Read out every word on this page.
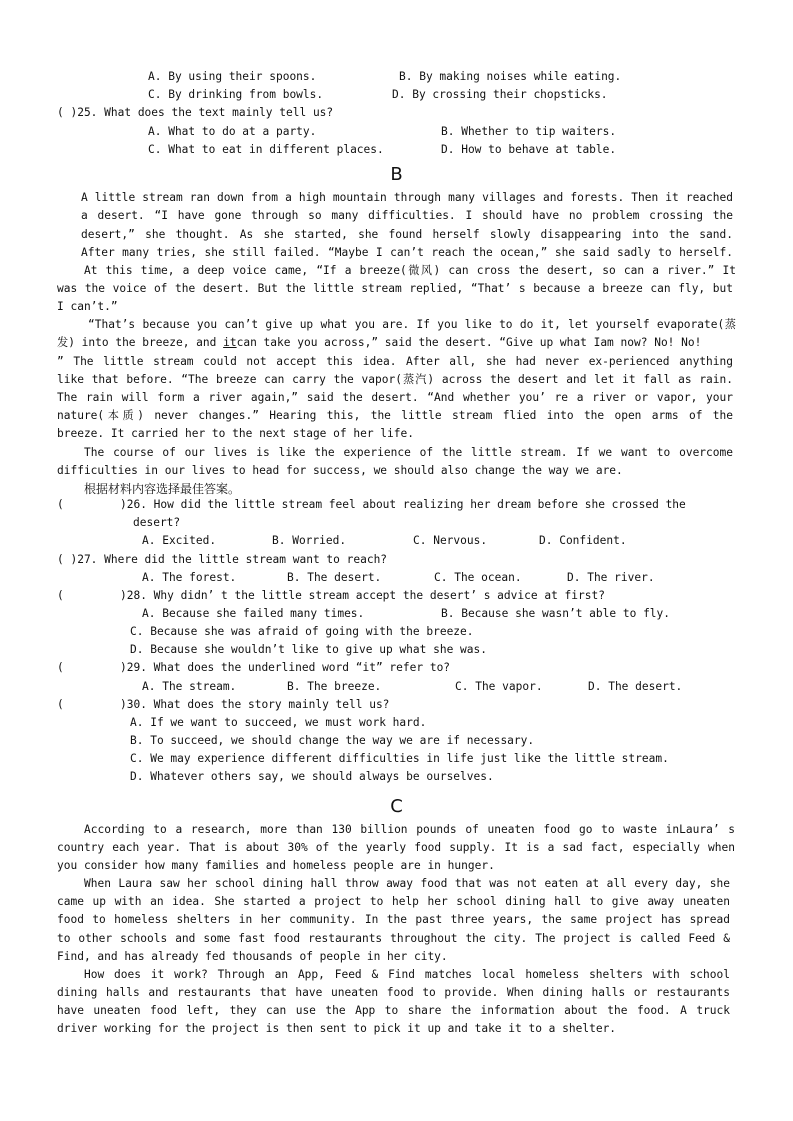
A. By using their spoons.	B. By making noises while eating.
C. By drinking from bowls.	D. By crossing their chopsticks.
( )25. What does the text mainly tell us?
A. What to do at a party.	B. Whether to tip waiters.
C. What to eat in different places.	D. How to behave at table.
B
A little stream ran down from a high mountain through many villages and forests. Then it reached
a desert. “I have gone through so many difficulties. I should have no problem crossing the
desert,” she thought. As she started, she found herself slowly disappearing into the sand.
After many tries, she still failed. “Maybe I can’t reach the ocean,” she said sadly to herself.
At this time, a deep voice came, “If a breeze(微风) can cross the desert, so can a river.” It
was the voice of the desert. But the little stream replied, “That’ s because a breeze can fly, but
I can’t.”
“That’s because you can’t give up what you are. If you like to do it, let yourself evaporate(蒸
发) into the breeze, and itcan take you across,” said the desert. “Give up what Iam now? No! No!
” The little stream could not accept this idea. After all, she had never ex-perienced anything
like that before. “The breeze can carry the vapor(蒸汽) across the desert and let it fall as rain.
The rain will form a river again,” said the desert. “And whether you’ re a river or vapor, your
nature(本质) never changes.” Hearing this, the little stream flied into the open arms of the
breeze. It carried her to the next stage of her life.
The course of our lives is like the experience of the little stream. If we want to overcome
difficulties in our lives to head for success, we should also change the way we are.
根据材料内容选择最佳答案。
(	)26. How did the little stream feel about realizing her dream before she crossed the
desert?
A. Excited.	B. Worried.	C. Nervous.	D. Confident.
( )27. Where did the little stream want to reach?
A. The forest.	B. The desert.	C. The ocean.	D. The river.
(	)28. Why didn’ t the little stream accept the desert’ s advice at first?
A. Because she failed many times.	B. Because she wasn’t able to fly.
C. Because she was afraid of going with the breeze.
D. Because she wouldn’t like to give up what she was.
(	)29. What does the underlined word “it” refer to?
A. The stream.	B. The breeze.	C. The vapor.	D. The desert.
(	)30. What does the story mainly tell us?
A. If we want to succeed, we must work hard.
B. To succeed, we should change the way we are if necessary.
C. We may experience different difficulties in life just like the little stream.
D. Whatever others say, we should always be ourselves.
C
According to a research, more than 130 billion pounds of uneaten food go to waste inLaura’ s
country each year. That is about 30% of the yearly food supply. It is a sad fact, especially when
you consider how many families and homeless people are in hunger.
When Laura saw her school dining hall throw away food that was not eaten at all every day, she
came up with an idea. She started a project to help her school dining hall to give away uneaten
food to homeless shelters in her community. In the past three years, the same project has spread
to other schools and some fast food restaurants throughout the city. The project is called Feed &
Find, and has already fed thousands of people in her city.
How does it work? Through an App, Feed & Find matches local homeless shelters with school
dining halls and restaurants that have uneaten food to provide. When dining halls or restaurants
have uneaten food left, they can use the App to share the information about the food. A truck
driver working for the project is then sent to pick it up and take it to a shelter.
